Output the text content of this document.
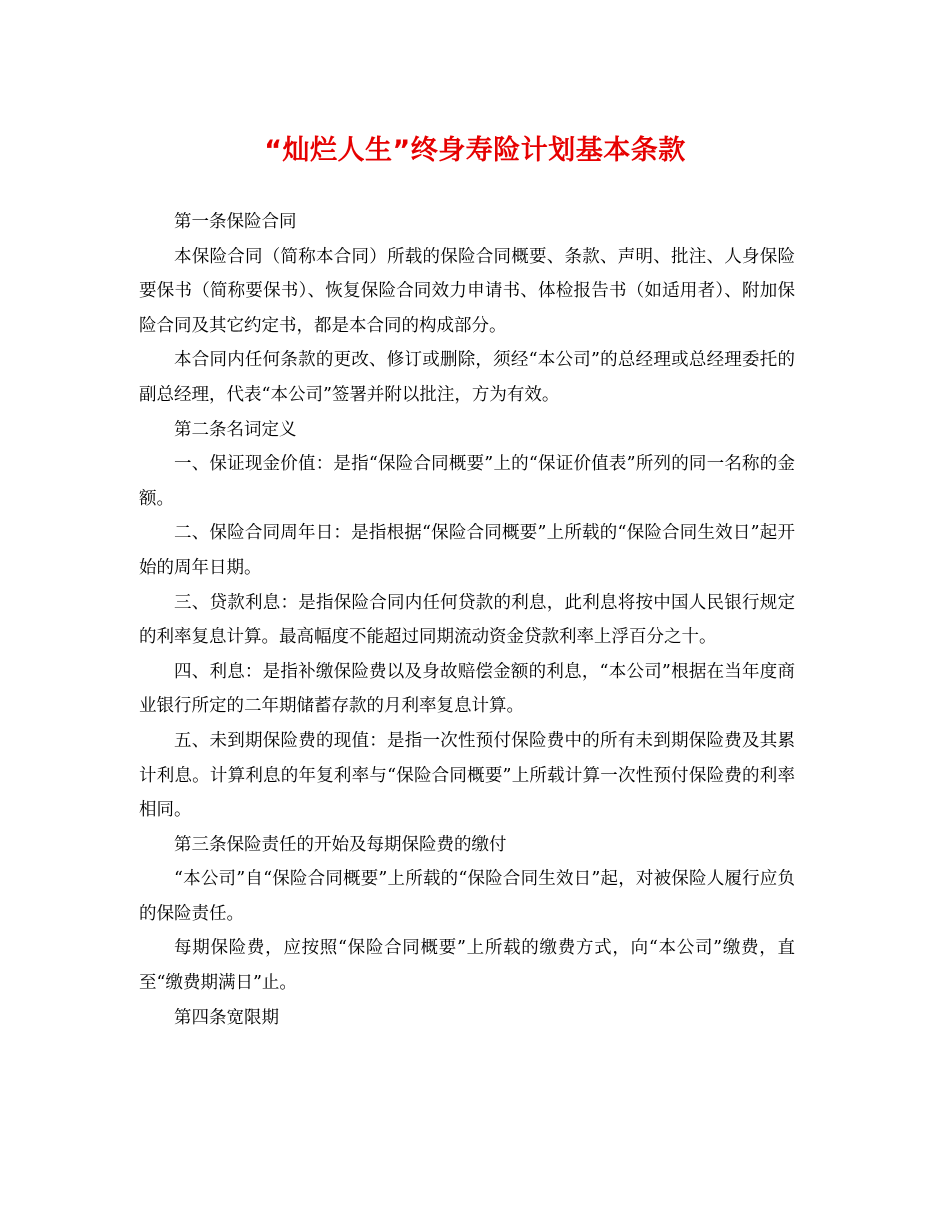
“灿烂人生”终身寿险计划基本条款

第一条保险合同

本保险合同（简称本合同）所载的保险合同概要、条款、声明、批注、人身保险要保书（简称要保书）、恢复保险合同效力申请书、体检报告书（如适用者）、附加保险合同及其它约定书，都是本合同的构成部分。

本合同内任何条款的更改、修订或删除，须经“本公司”的总经理或总经理委托的副总经理，代表“本公司”签署并附以批注，方为有效。

第二条名词定义

一、保证现金价值：是指“保险合同概要”上的“保证价值表”所列的同一名称的金额。

二、保险合同周年日：是指根据“保险合同概要”上所载的“保险合同生效日”起开始的周年日期。

三、贷款利息：是指保险合同内任何贷款的利息，此利息将按中国人民银行规定的利率复息计算。最高幅度不能超过同期流动资金贷款利率上浮百分之十。

四、利息：是指补缴保险费以及身故赔偿金额的利息，“本公司”根据在当年度商业银行所定的二年期储蓄存款的月利率复息计算。

五、未到期保险费的现值：是指一次性预付保险费中的所有未到期保险费及其累计利息。计算利息的年复利率与“保险合同概要”上所载计算一次性预付保险费的利率相同。

第三条保险责任的开始及每期保险费的缴付

“本公司”自“保险合同概要”上所载的“保险合同生效日”起，对被保险人履行应负的保险责任。

每期保险费，应按照“保险合同概要”上所载的缴费方式，向“本公司”缴费，直至“缴费期满日”止。

第四条宽限期
